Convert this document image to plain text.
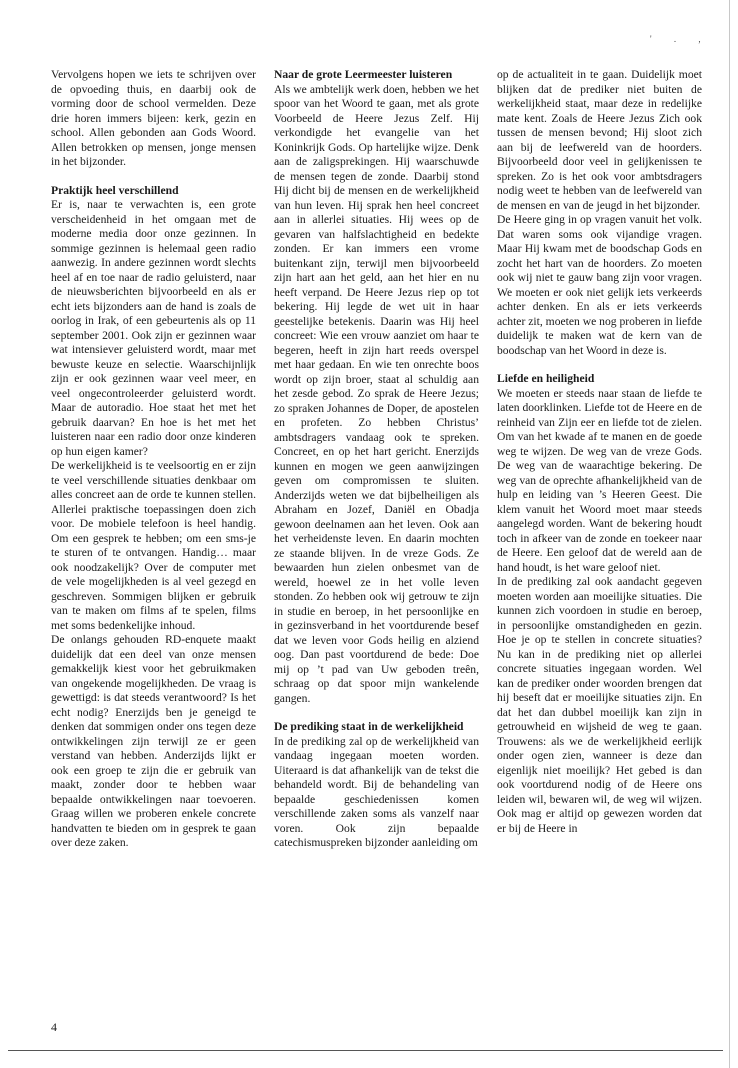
' . ,

Vervolgens hopen we iets te schrijven over de opvoeding thuis, en daarbij ook de vorming door de school vermelden. Deze drie horen immers bijeen: kerk, gezin en school. Allen gebonden aan Gods Woord. Allen betrokken op mensen, jonge mensen in het bijzonder.

Praktijk heel verschillend

Er is, naar te verwachten is, een grote verscheidenheid in het omgaan met de moderne media door onze gezinnen. In sommige gezinnen is helemaal geen radio aanwezig. In andere gezinnen wordt slechts heel af en toe naar de radio geluisterd, naar de nieuwsberichten bijvoorbeeld en als er echt iets bijzonders aan de hand is zoals de oorlog in Irak, of een gebeurtenis als op 11 september 2001. Ook zijn er gezinnen waar wat intensiever geluisterd wordt, maar met bewuste keuze en selectie. Waarschijnlijk zijn er ook gezinnen waar veel meer, en veel ongecontroleerder geluisterd wordt. Maar de autoradio. Hoe staat het met het gebruik daarvan? En hoe is het met het luisteren naar een radio door onze kinderen op hun eigen kamer?

De werkelijkheid is te veelsoortig en er zijn te veel verschillende situaties denkbaar om alles concreet aan de orde te kunnen stellen. Allerlei praktische toepassingen doen zich voor. De mobiele telefoon is heel handig. Om een gesprek te hebben; om een sms-je te sturen of te ontvangen. Handig… maar ook noodzakelijk? Over de computer met de vele mogelijkheden is al veel gezegd en geschreven. Sommigen blijken er gebruik van te maken om films af te spelen, films met soms bedenkelijke inhoud.

De onlangs gehouden RD-enquete maakt duidelijk dat een deel van onze mensen gemakkelijk kiest voor het gebruikmaken van ongekende mogelijkheden. De vraag is gewettigd: is dat steeds verantwoord? Is het echt nodig? Enerzijds ben je geneigd te denken dat sommigen onder ons tegen deze ontwikkelingen zijn terwijl ze er geen verstand van hebben. Anderzijds lijkt er ook een groep te zijn die er gebruik van maakt, zonder door te hebben waar bepaalde ontwikkelingen naar toevoeren. Graag willen we proberen enkele concrete handvatten te bieden om in gesprek te gaan over deze zaken.

Naar de grote Leermeester luisteren

Als we ambtelijk werk doen, hebben we het spoor van het Woord te gaan, met als grote Voorbeeld de Heere Jezus Zelf. Hij verkondigde het evangelie van het Koninkrijk Gods. Op hartelijke wijze. Denk aan de zaligsprekingen. Hij waarschuwde de mensen tegen de zonde. Daarbij stond Hij dicht bij de mensen en de werkelijkheid van hun leven. Hij sprak hen heel concreet aan in allerlei situaties. Hij wees op de gevaren van halfslachtigheid en bedekte zonden. Er kan immers een vrome buitenkant zijn, terwijl men bijvoorbeeld zijn hart aan het geld, aan het hier en nu heeft verpand. De Heere Jezus riep op tot bekering. Hij legde de wet uit in haar geestelijke betekenis. Daarin was Hij heel concreet: Wie een vrouw aanziet om haar te begeren, heeft in zijn hart reeds overspel met haar gedaan. En wie ten onrechte boos wordt op zijn broer, staat al schuldig aan het zesde gebod. Zo sprak de Heere Jezus; zo spraken Johannes de Doper, de apostelen en profeten. Zo hebben Christus’ ambtsdragers vandaag ook te spreken. Concreet, en op het hart gericht. Enerzijds kunnen en mogen we geen aanwijzingen geven om compromissen te sluiten. Anderzijds weten we dat bijbelheiligen als Abraham en Jozef, Daniël en Obadja gewoon deelnamen aan het leven. Ook aan het verheidenste leven. En daarin mochten ze staande blijven. In de vreze Gods. Ze bewaarden hun zielen onbesmet van de wereld, hoewel ze in het volle leven stonden. Zo hebben ook wij getrouw te zijn in studie en beroep, in het persoonlijke en in gezinsverband in het voortdurende besef dat we leven voor Gods heilig en alziend oog. Dan past voortdurend de bede: Doe mij op ’t pad van Uw geboden treên, schraag op dat spoor mijn wankelende gangen.

De prediking staat in de werkelijkheid

In de prediking zal op de werkelijkheid van vandaag ingegaan moeten worden. Uiteraard is dat afhankelijk van de tekst die behandeld wordt. Bij de behandeling van bepaalde geschiedenissen komen verschillende zaken soms als vanzelf naar voren. Ook zijn bepaalde catechismuspreken bijzonder aanleiding om

op de actualiteit in te gaan. Duidelijk moet blijken dat de prediker niet buiten de werkelijkheid staat, maar deze in redelijke mate kent. Zoals de Heere Jezus Zich ook tussen de mensen bevond; Hij sloot zich aan bij de leefwereld van de hoorders. Bijvoorbeeld door veel in gelijkenissen te spreken. Zo is het ook voor ambtsdragers nodig weet te hebben van de leefwereld van de mensen en van de jeugd in het bijzonder.

De Heere ging in op vragen vanuit het volk. Dat waren soms ook vijandige vragen. Maar Hij kwam met de boodschap Gods en zocht het hart van de hoorders. Zo moeten ook wij niet te gauw bang zijn voor vragen. We moeten er ook niet gelijk iets verkeerds achter denken. En als er iets verkeerds achter zit, moeten we nog proberen in liefde duidelijk te maken wat de kern van de boodschap van het Woord in deze is.

Liefde en heiligheid

We moeten er steeds naar staan de liefde te laten doorklinken. Liefde tot de Heere en de reinheid van Zijn eer en liefde tot de zielen. Om van het kwade af te manen en de goede weg te wijzen. De weg van de vreze Gods. De weg van de waarachtige bekering. De weg van de oprechte afhankelijkheid van de hulp en leiding van ’s Heeren Geest. Die klem vanuit het Woord moet maar steeds aangelegd worden. Want de bekering houdt toch in afkeer van de zonde en toekeer naar de Heere. Een geloof dat de wereld aan de hand houdt, is het ware geloof niet.

In de prediking zal ook aandacht gegeven moeten worden aan moeilijke situaties. Die kunnen zich voordoen in studie en beroep, in persoonlijke omstandigheden en gezin. Hoe je op te stellen in concrete situaties? Nu kan in de prediking niet op allerlei concrete situaties ingegaan worden. Wel kan de prediker onder woorden brengen dat hij beseft dat er moeilijke situaties zijn. En dat het dan dubbel moeilijk kan zijn in getrouwheid en wijsheid de weg te gaan. Trouwens: als we de werkelijkheid eerlijk onder ogen zien, wanneer is deze dan eigenlijk niet moeilijk? Het gebed is dan ook voortdurend nodig of de Heere ons leiden wil, bewaren wil, de weg wil wijzen. Ook mag er altijd op gewezen worden dat er bij de Heere in

4
